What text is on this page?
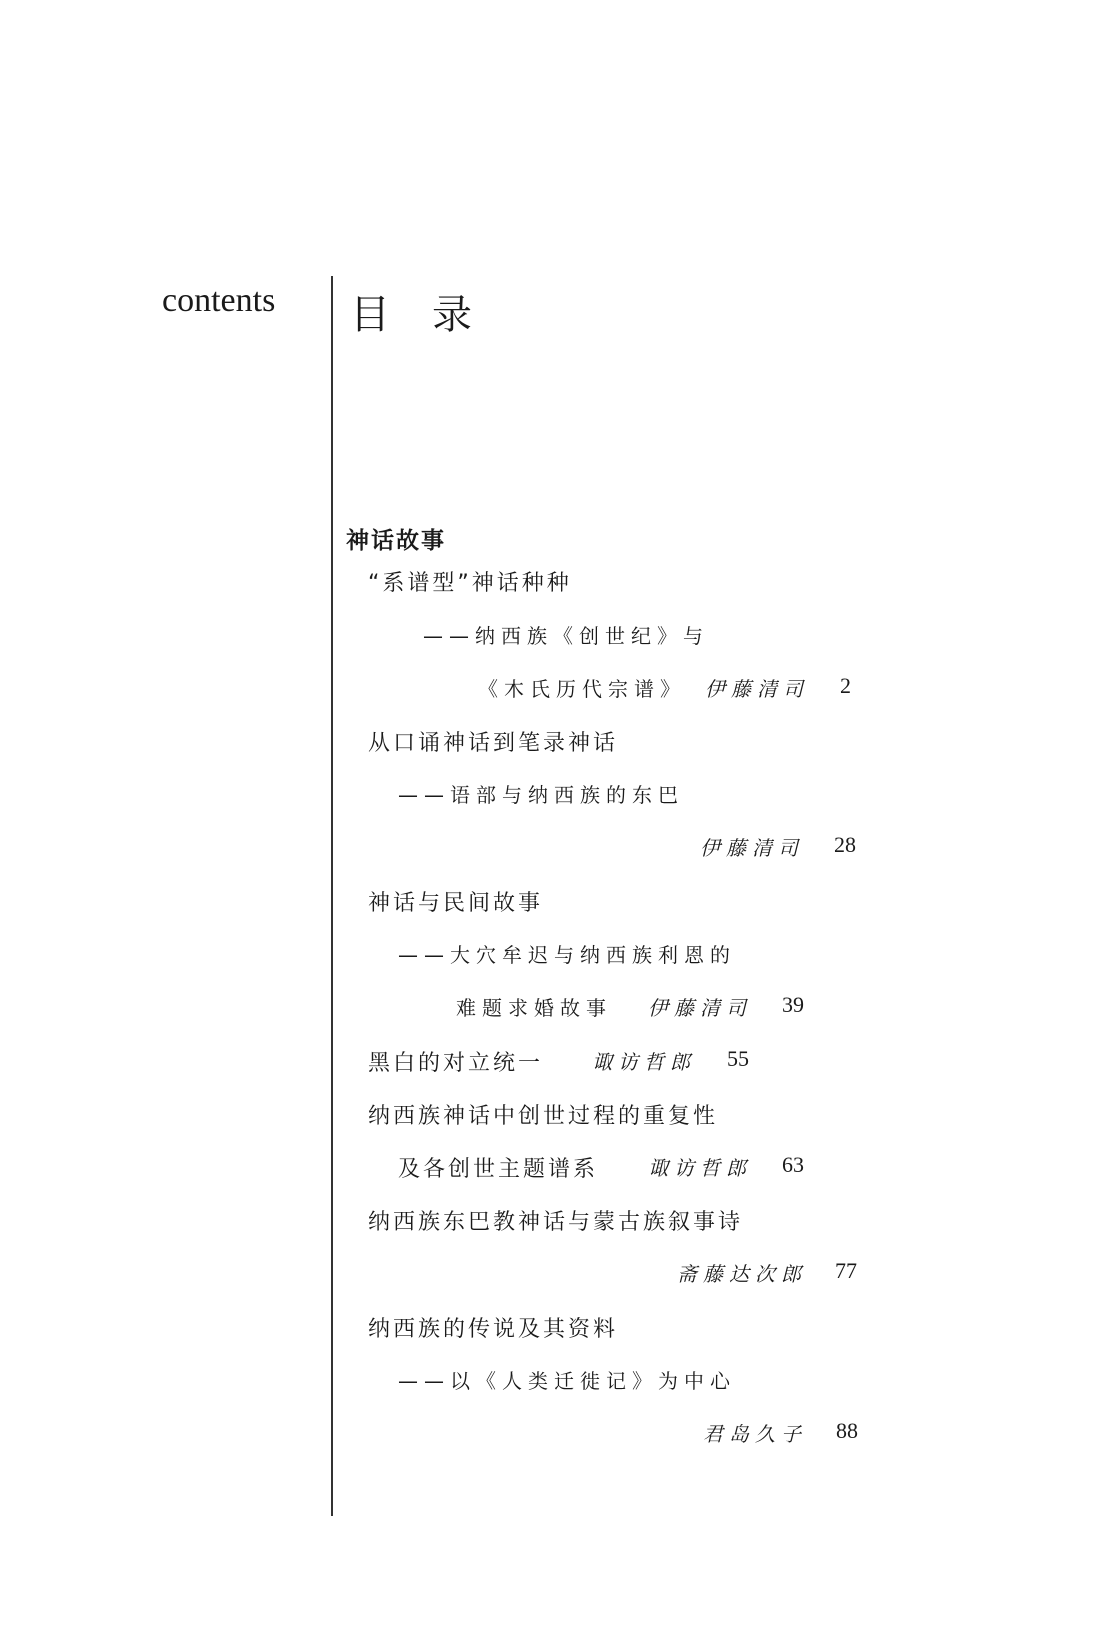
contents 目录
神话故事
“系谱型”神话种种
——纳西族《创世纪》与
《木氏历代宗谱》 伊藤清司 2
从口诵神话到笔录神话
——语部与纳西族的东巴
伊藤清司 28
神话与民间故事
——大穴牟迟与纳西族利恩的
难题求婚故事 伊藤清司 39
黑白的对立统一 诹访哲郎 55
纳西族神话中创世过程的重复性
及各创世主题谱系 诹访哲郎 63
纳西族东巴教神话与蒙古族叙事诗
斋藤达次郎 77
纳西族的传说及其资料
——以《人类迁徙记》为中心
君岛久子 88
